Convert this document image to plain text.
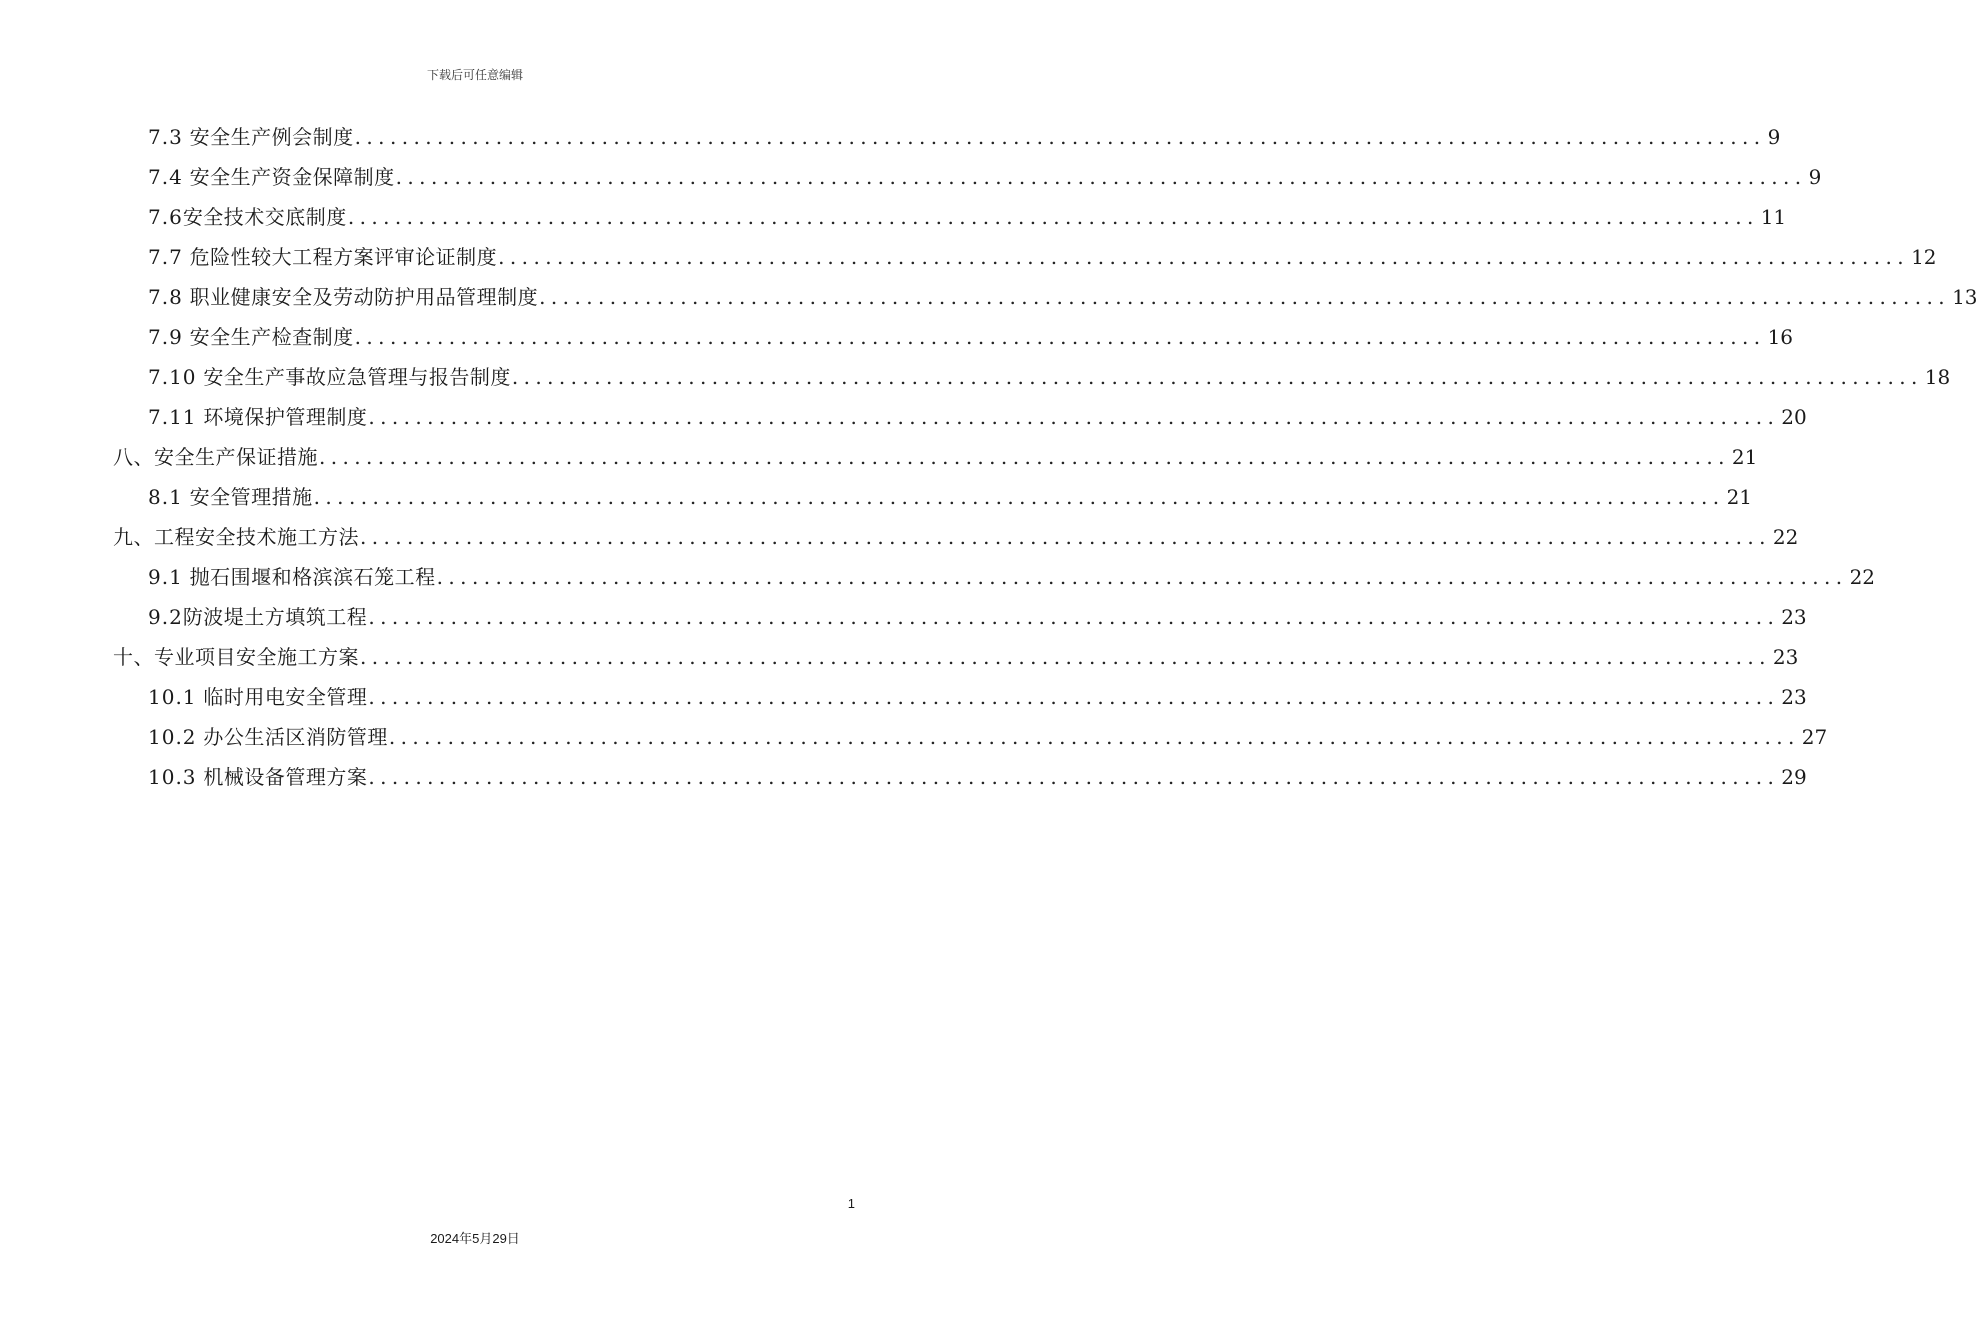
下载后可任意编辑
7.3 安全生产例会制度 ........................................................................................................................ 9
7.4 安全生产资金保障制度 ........................................................................................................................ 9
7.6安全技术交底制度 ........................................................................................................................ 11
7.7 危险性较大工程方案评审论证制度 ........................................................................................................................ 12
7.8 职业健康安全及劳动防护用品管理制度 ........................................................................................................................ 13
7.9 安全生产检查制度 ........................................................................................................................ 16
7.10 安全生产事故应急管理与报告制度 ........................................................................................................................ 18
7.11 环境保护管理制度 ........................................................................................................................ 20
八、安全生产保证措施 ........................................................................................................................ 21
8.1 安全管理措施 ........................................................................................................................ 21
九、工程安全技术施工方法 ........................................................................................................................ 22
9.1 抛石围堰和格滨滨石笼工程 ........................................................................................................................ 22
9.2防波堤土方填筑工程 ........................................................................................................................ 23
十、专业项目安全施工方案 ........................................................................................................................ 23
10.1 临时用电安全管理 ........................................................................................................................ 23
10.2 办公生活区消防管理 ........................................................................................................................ 27
10.3 机械设备管理方案 ........................................................................................................................ 29
1
2024年5月29日
